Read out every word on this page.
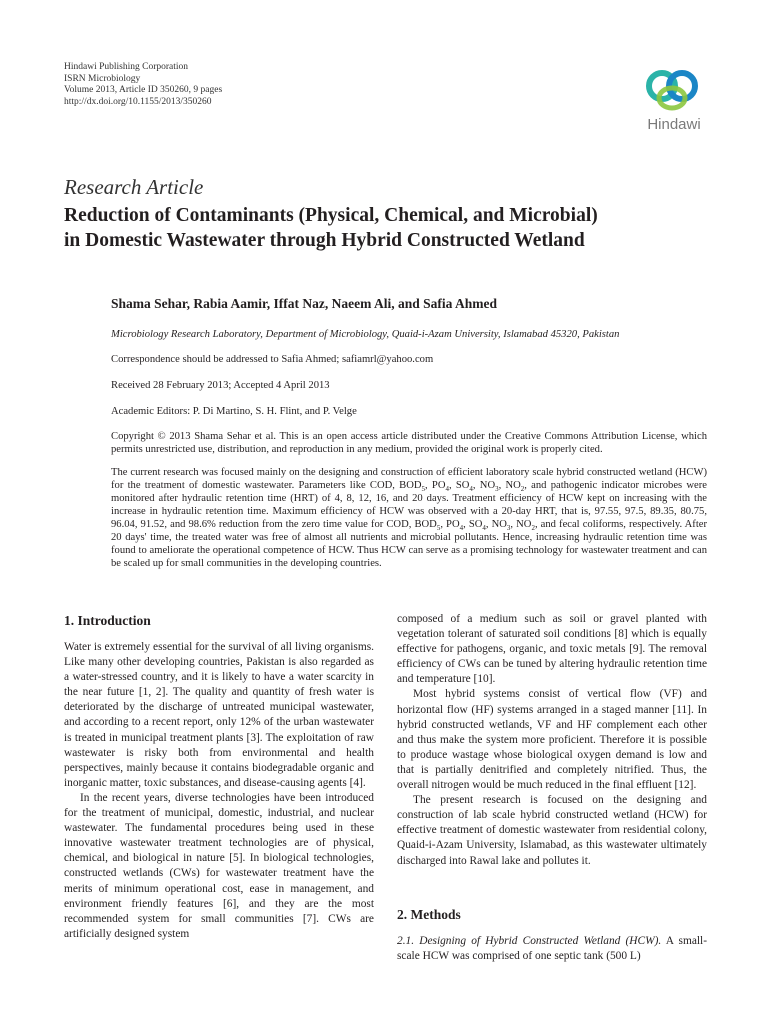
Hindawi Publishing Corporation
ISRN Microbiology
Volume 2013, Article ID 350260, 9 pages
http://dx.doi.org/10.1155/2013/350260
Hindawi
Research Article
Reduction of Contaminants (Physical, Chemical, and Microbial)
in Domestic Wastewater through Hybrid Constructed Wetland
Shama Sehar, Rabia Aamir, Iffat Naz, Naeem Ali, and Safia Ahmed
Microbiology Research Laboratory, Department of Microbiology, Quaid-i-Azam University, Islamabad 45320, Pakistan
Correspondence should be addressed to Safia Ahmed; safiamrl@yahoo.com
Received 28 February 2013; Accepted 4 April 2013
Academic Editors: P. Di Martino, S. H. Flint, and P. Velge
Copyright © 2013 Shama Sehar et al. This is an open access article distributed under the Creative Commons Attribution License, which permits unrestricted use, distribution, and reproduction in any medium, provided the original work is properly cited.
The current research was focused mainly on the designing and construction of efficient laboratory scale hybrid constructed wetland (HCW) for the treatment of domestic wastewater. Parameters like COD, $BOD_5$, $PO_4$, $SO_4$, $NO_3$, $NO_2$, and pathogenic indicator microbes were monitored after hydraulic retention time (HRT) of 4, 8, 12, 16, and 20 days. Treatment efficiency of HCW kept on increasing with the increase in hydraulic retention time. Maximum efficiency of HCW was observed with a 20-day HRT, that is, 97.55, 97.5, 89.35, 80.75, 96.04, 91.52, and 98.6% reduction from the zero time value for COD, $BOD_5$, $PO_4$, $SO_4$, $NO_3$, $NO_2$, and fecal coliforms, respectively. After 20 days' time, the treated water was free of almost all nutrients and microbial pollutants. Hence, increasing hydraulic retention time was found to ameliorate the operational competence of HCW. Thus HCW can serve as a promising technology for wastewater treatment and can be scaled up for small communities in the developing countries.
1. Introduction

Water is extremely essential for the survival of all living organisms. Like many other developing countries, Pakistan is also regarded as a water-stressed country, and it is likely to have a water scarcity in the near future [1, 2]. The quality and quantity of fresh water is deteriorated by the discharge of untreated municipal wastewater, and according to a recent report, only 12% of the urban wastewater is treated in municipal treatment plants [3]. The exploitation of raw wastewater is risky both from environmental and health perspectives, mainly because it contains biodegradable organic and inorganic matter, toxic substances, and disease-causing agents [4].

In the recent years, diverse technologies have been introduced for the treatment of municipal, domestic, industrial, and nuclear wastewater. The fundamental procedures being used in these innovative wastewater treatment technologies are of physical, chemical, and biological in nature [5]. In biological technologies, constructed wetlands (CWs) for wastewater treatment have the merits of minimum operational cost, ease in management, and environment friendly features [6], and they are the most recommended system for small communities [7]. CWs are artificially designed system

composed of a medium such as soil or gravel planted with vegetation tolerant of saturated soil conditions [8] which is equally effective for pathogens, organic, and toxic metals [9]. The removal efficiency of CWs can be tuned by altering hydraulic retention time and temperature [10].

Most hybrid systems consist of vertical flow (VF) and horizontal flow (HF) systems arranged in a staged manner [11]. In hybrid constructed wetlands, VF and HF complement each other and thus make the system more proficient. Therefore it is possible to produce wastage whose biological oxygen demand is low and that is partially denitrified and completely nitrified. Thus, the overall nitrogen would be much reduced in the final effluent [12].

The present research is focused on the designing and construction of lab scale hybrid constructed wetland (HCW) for effective treatment of domestic wastewater from residential colony, Quaid-i-Azam University, Islamabad, as this wastewater ultimately discharged into Rawal lake and pollutes it.

2. Methods
2.1. Designing of Hybrid Constructed Wetland (HCW). A small-scale HCW was comprised of one septic tank (500 L)
